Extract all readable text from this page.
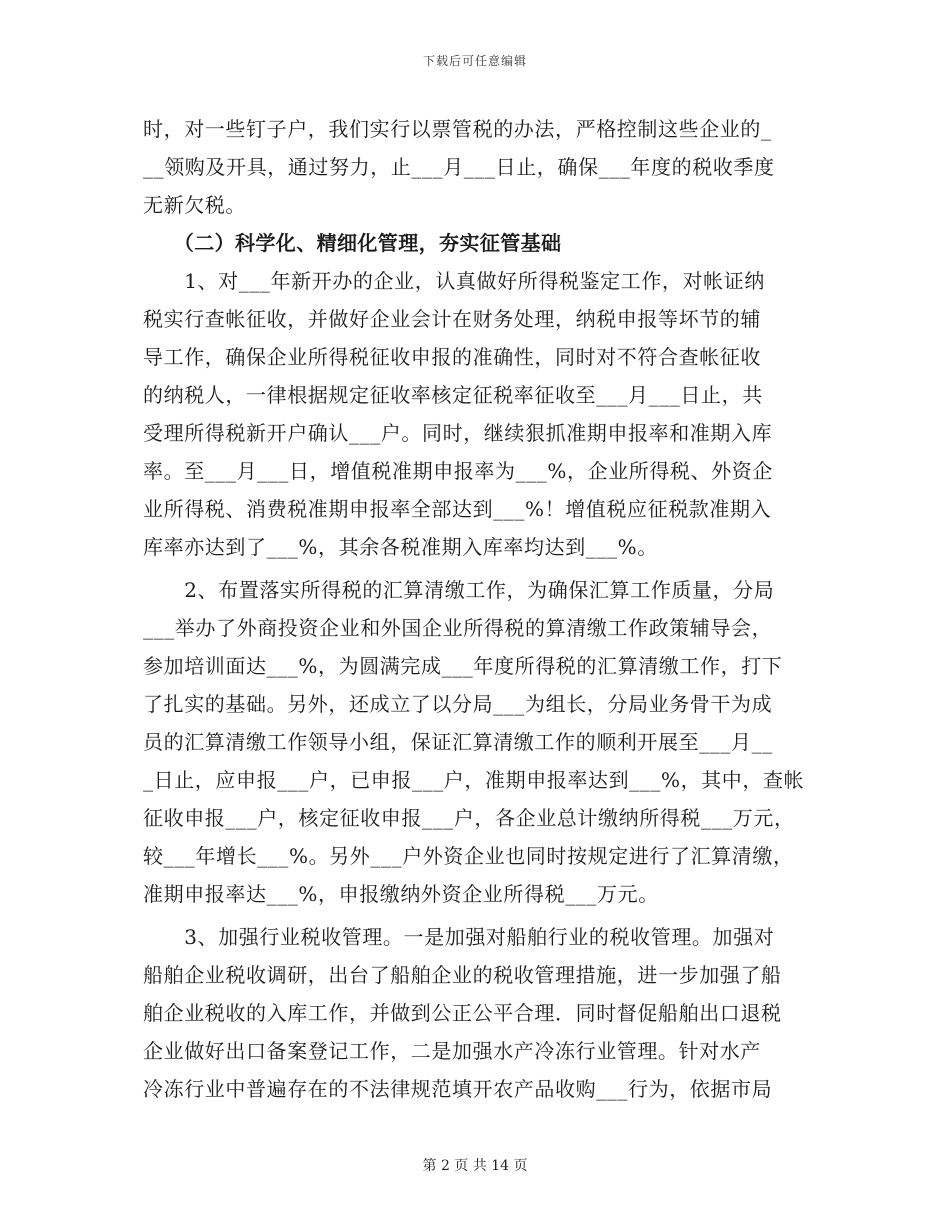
下载后可任意编辑
时，对一些钉子户，我们实行以票管税的办法，严格控制这些企业的_
__领购及开具，通过努力，止___月___日止，确保___年度的税收季度
无新欠税。
　　（二）科学化、精细化管理，夯实征管基础
　　1、对___年新开办的企业，认真做好所得税鉴定工作，对帐证纳
税实行查帐征收，并做好企业会计在财务处理，纳税申报等坏节的辅
导工作，确保企业所得税征收申报的准确性，同时对不符合查帐征收
的纳税人，一律根据规定征收率核定征税率征收至___月___日止，共
受理所得税新开户确认___户。同时，继续狠抓准期申报率和准期入库
率。至___月___日，增值税准期申报率为___%，企业所得税、外资企
业所得税、消费税准期申报率全部达到___%！增值税应征税款准期入
库率亦达到了___%，其余各税准期入库率均达到___%。
　　2、布置落实所得税的汇算清缴工作，为确保汇算工作质量，分局
___举办了外商投资企业和外国企业所得税的算清缴工作政策辅导会，
参加培训面达___%，为圆满完成___年度所得税的汇算清缴工作，打下
了扎实的基础。另外，还成立了以分局___为组长，分局业务骨干为成
员的汇算清缴工作领导小组，保证汇算清缴工作的顺利开展至___月__
_日止，应申报___户，已申报___户，准期申报率达到___%，其中，查帐
征收申报___户，核定征收申报___户，各企业总计缴纳所得税___万元，
较___年增长___%。另外___户外资企业也同时按规定进行了汇算清缴，
准期申报率达___%，申报缴纳外资企业所得税___万元。
　　3、加强行业税收管理。一是加强对船舶行业的税收管理。加强对
船舶企业税收调研，出台了船舶企业的税收管理措施，进一步加强了船
舶企业税收的入库工作，并做到公正公平合理．同时督促船舶出口退税
企业做好出口备案登记工作，二是加强水产冷冻行业管理。针对水产
冷冻行业中普遍存在的不法律规范填开农产品收购___行为，依据市局
第 2 页 共 14 页
